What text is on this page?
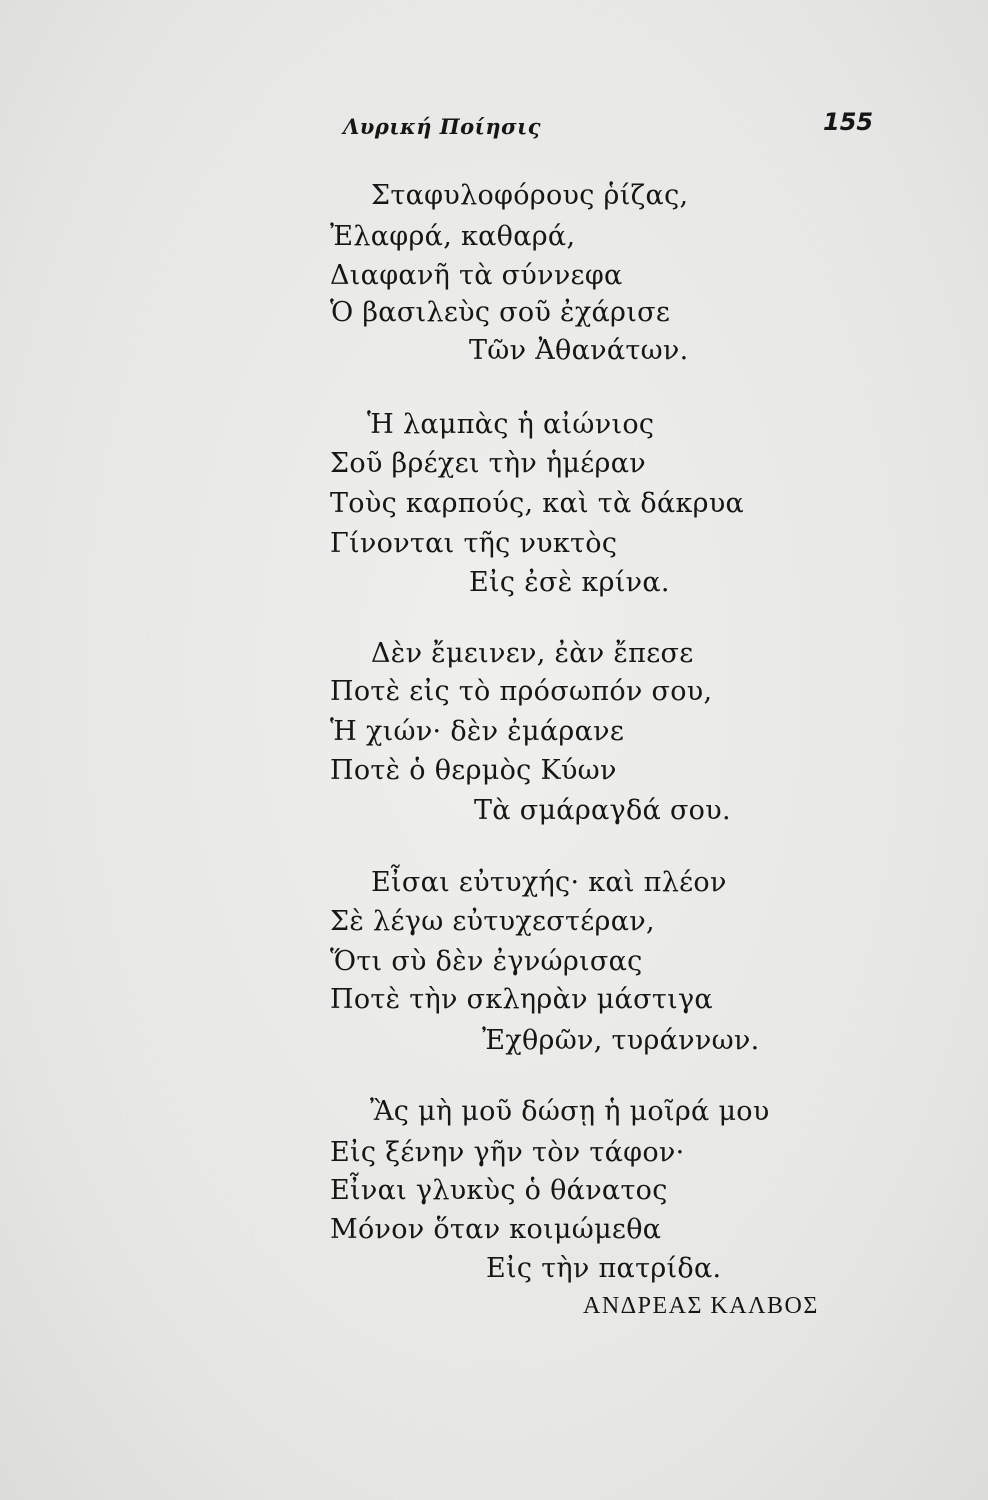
Λυρική Ποίησις	155
Σταφυλοφόρους ῥίζας,
Ἐλαφρά, καθαρά,
Διαφανῆ τὰ σύννεφα
Ὁ βασιλεὺς σοῦ ἐχάρισε
Τῶν Ἀθανάτων.
Ἡ λαμπὰς ἡ αἰώνιος
Σοῦ βρέχει τὴν ἡμέραν
Τοὺς καρπούς, καὶ τὰ δάκρυα
Γίνονται τῆς νυκτὸς
Εἰς ἐσὲ κρίνα.
Δὲν ἔμεινεν, ἐὰν ἔπεσε
Ποτὲ εἰς τὸ πρόσωπόν σου,
Ἡ χιών· δὲν ἐμάρανε
Ποτὲ ὁ θερμὸς Κύων
Τὰ σμάραγδά σου.
Εἶσαι εὐτυχής· καὶ πλέον
Σὲ λέγω εὐτυχεστέραν,
Ὅτι σὺ δὲν ἐγνώρισας
Ποτὲ τὴν σκληρὰν μάστιγα
Ἐχθρῶν, τυράννων.
Ἂς μὴ μοῦ δώσῃ ἡ μοῖρά μου
Εἰς ξένην γῆν τὸν τάφον·
Εἶναι γλυκὺς ὁ θάνατος
Μόνον ὅταν κοιμώμεθα
Εἰς τὴν πατρίδα.
ΑΝΔΡΕΑΣ ΚΑΛΒΟΣ
